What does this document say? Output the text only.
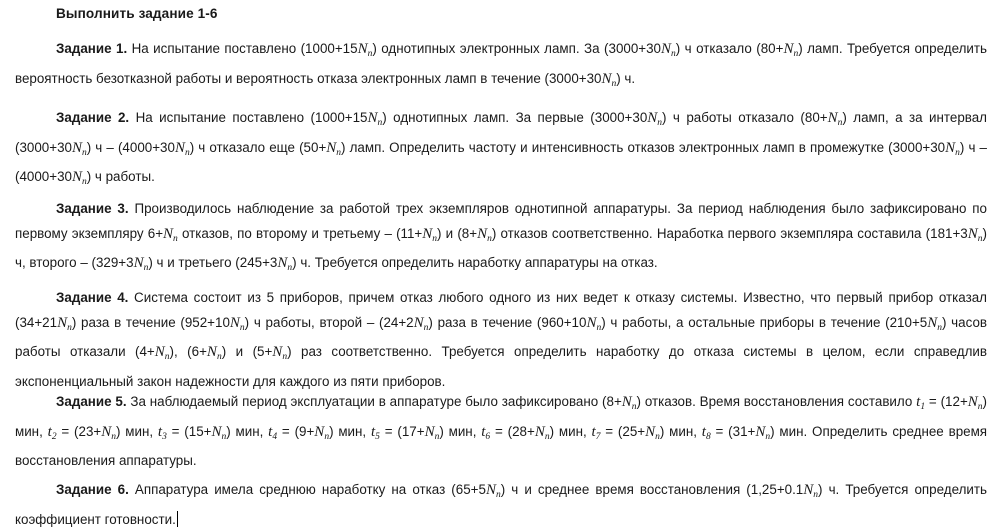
Выполнить задание 1-6
Задание 1. На испытание поставлено $(1000+15N_n)$ однотипных электронных ламп. За $(3000+30N_n)$ ч отказало $(80+N_n)$ ламп. Требуется определить вероятность безотказной работы и вероятность отказа электронных ламп в течение $(3000+30N_n)$ ч.
Задание 2. На испытание поставлено $(1000+15N_n)$ однотипных ламп. За первые $(3000+30N_n)$ ч работы отказало $(80+N_n)$ ламп, а за интервал $(3000+30N_n)$ $ч - (4000+30N_n)$ ч отказало еще $(50+N_n)$ ламп. Определить частоту и интенсивность отказов электронных ламп в промежутке $(3000+30N_n)$ $ч - (4000+30N_n)$ ч работы.
Задание 3. Производилось наблюдение за работой трех экземпляров однотипной аппаратуры. За период наблюдения было зафиксировано по первому экземпляру $6+N_n$ отказов, по второму и третьему – $(11+N_n)$ и $(8+N_n)$ отказов соответственно. Наработка первого экземпляра составила $(181+3N_n)$ ч, второго – $(329+3N_n)$ ч и третьего $(245+3N_n)$ ч. Требуется определить наработку аппаратуры на отказ.
Задание 4. Система состоит из 5 приборов, причем отказ любого одного из них ведет к отказу системы. Известно, что первый прибор отказал $(34+21N_n)$ раза в течение $(952+10N_n)$ ч работы, второй – $(24+2N_n)$ раза в течение $(960+10N_n)$ ч работы, а остальные приборы в течение $(210+5N_n)$ часов работы отказали $(4+N_n)$, $(6+N_n)$ и $(5+N_n)$ раз соответственно. Требуется определить наработку до отказа системы в целом, если справедлив экспоненциальный закон надежности для каждого из пяти приборов.
Задание 5. За наблюдаемый период эксплуатации в аппаратуре было зафиксировано $(8+N_n)$ отказов. Время восстановления составило $t_1 = (12+N_n)$ мин, $t_2 = (23+N_n)$ мин, $t_3 = (15+N_n)$ мин, $t_4 = (9+N_n)$ мин, $t_5 = (17+N_n)$ мин, $t_6 = (28+N_n)$ мин, $t_7 = (25+N_n)$ мин, $t_8 = (31+N_n)$ мин. Определить среднее время восстановления аппаратуры.
Задание 6. Аппаратура имела среднюю наработку на отказ $(65+5N_n)$ ч и среднее время восстановления $(1,25+0.1N_n)$ ч. Требуется определить коэффициент готовности.
